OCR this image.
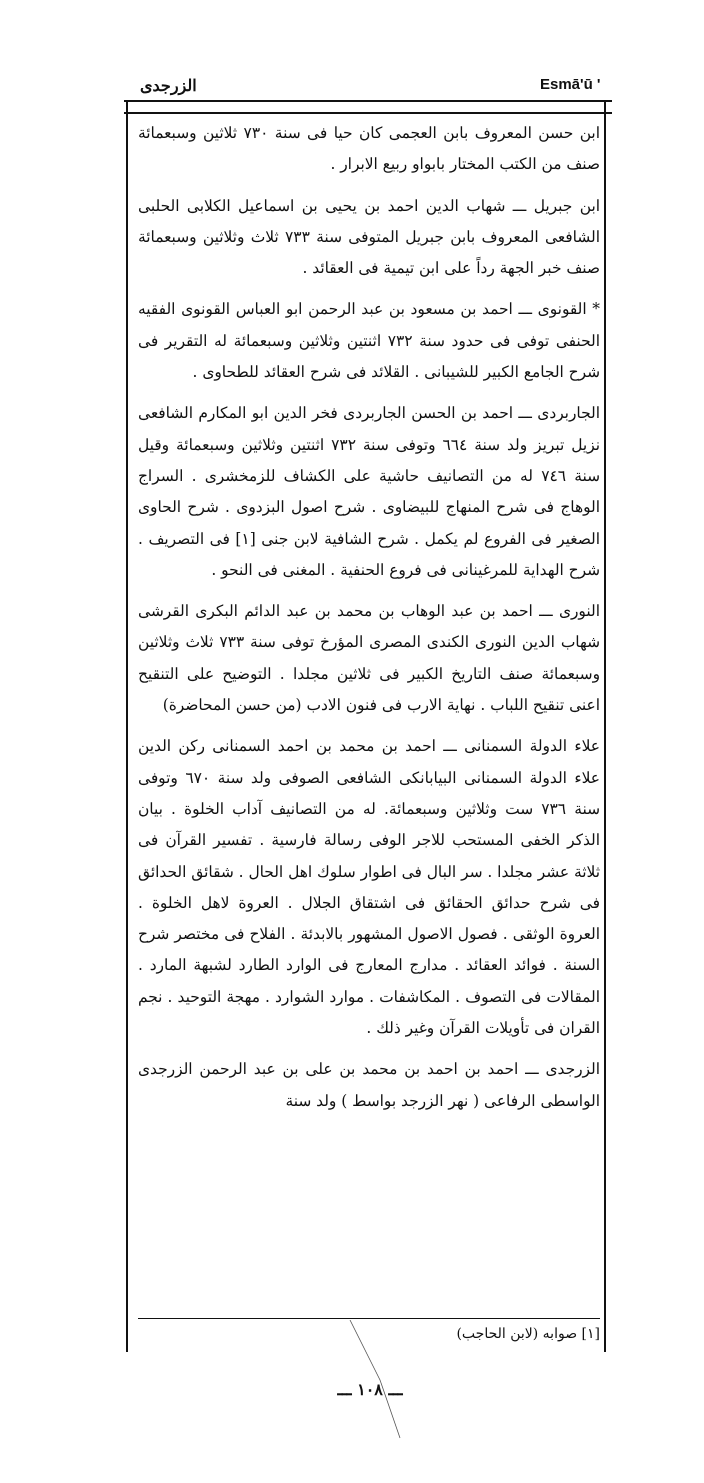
Esmā'ū '
الزرجدى

ابن حسن المعروف بابن العجمى كان حيا فى سنة ٧٣٠ ثلاثين وسبعمائة صنف من الكتب المختار بابواو ربيع الابرار .

ابن جبريل ـــ شهاب الدين احمد بن يحيى بن اسماعيل الكلابى الحلبى الشافعى المعروف بابن جبريل المتوفى سنة ٧٣٣ ثلاث وثلاثين وسبعمائة صنف خبر الجهة رداً على ابن تيمية فى العقائد .

* القونوى ـــ احمد بن مسعود بن عبد الرحمن ابو العباس القونوى الفقيه الحنفى توفى فى حدود سنة ٧٣٢ اثنتين وثلاثين وسبعمائة له التقرير فى شرح الجامع الكبير للشيبانى . القلائد فى شرح العقائد للطحاوى .

الجاربردى ـــ احمد بن الحسن الجاربردى فخر الدين ابو المكارم الشافعى نزيل تبريز ولد سنة ٦٦٤ وتوفى سنة ٧٣٢ اثنتين وثلاثين وسبعمائة وقيل سنة ٧٤٦ له من التصانيف حاشية على الكشاف للزمخشرى . السراج الوهاج فى شرح المنهاج للبيضاوى . شرح اصول البزدوى . شرح الحاوى الصغير فى الفروع لم يكمل . شرح الشافية لابن جنى [١] فى التصريف . شرح الهداية للمرغينانى فى فروع الحنفية . المغنى فى النحو .

النورى ـــ احمد بن عبد الوهاب بن محمد بن عبد الدائم البكرى القرشى شهاب الدين النورى الكندى المصرى المؤرخ توفى سنة ٧٣٣ ثلاث وثلاثين وسبعمائة صنف التاريخ الكبير فى ثلاثين مجلدا . التوضيح على التنقيح اعنى تنقيح اللباب . نهاية الارب فى فنون الادب (من حسن المحاضرة)

علاء الدولة السمنانى ـــ احمد بن محمد بن احمد السمنانى ركن الدين علاء الدولة السمنانى البيابانكى الشافعى الصوفى ولد سنة ٦٧٠ وتوفى سنة ٧٣٦ ست وثلاثين وسبعمائة. له من التصانيف آداب الخلوة . بيان الذكر الخفى المستحب للاجر الوفى رسالة فارسية . تفسير القرآن فى ثلاثة عشر مجلدا . سر البال فى اطوار سلوك اهل الحال . شقائق الحدائق فى شرح حدائق الحقائق فى اشتقاق الجلال . العروة لاهل الخلوة . العروة الوثقى . فصول الاصول المشهور بالابدئة . الفلاح فى مختصر شرح السنة . فوائد العقائد . مدارج المعارج فى الوارد الطارد لشبهة المارد . المقالات فى التصوف . المكاشفات . موارد الشوارد . مهجة التوحيد . نجم القران فى تأويلات القرآن وغير ذلك .

الزرجدى ـــ احمد بن احمد بن محمد بن على بن عبد الرحمن الزرجدى الواسطى الرفاعى ( نهر الزرجد بواسط ) ولد سنة

[١] صوابه (لابن الحاجب)
ـــ ١٠٨ ـــ
